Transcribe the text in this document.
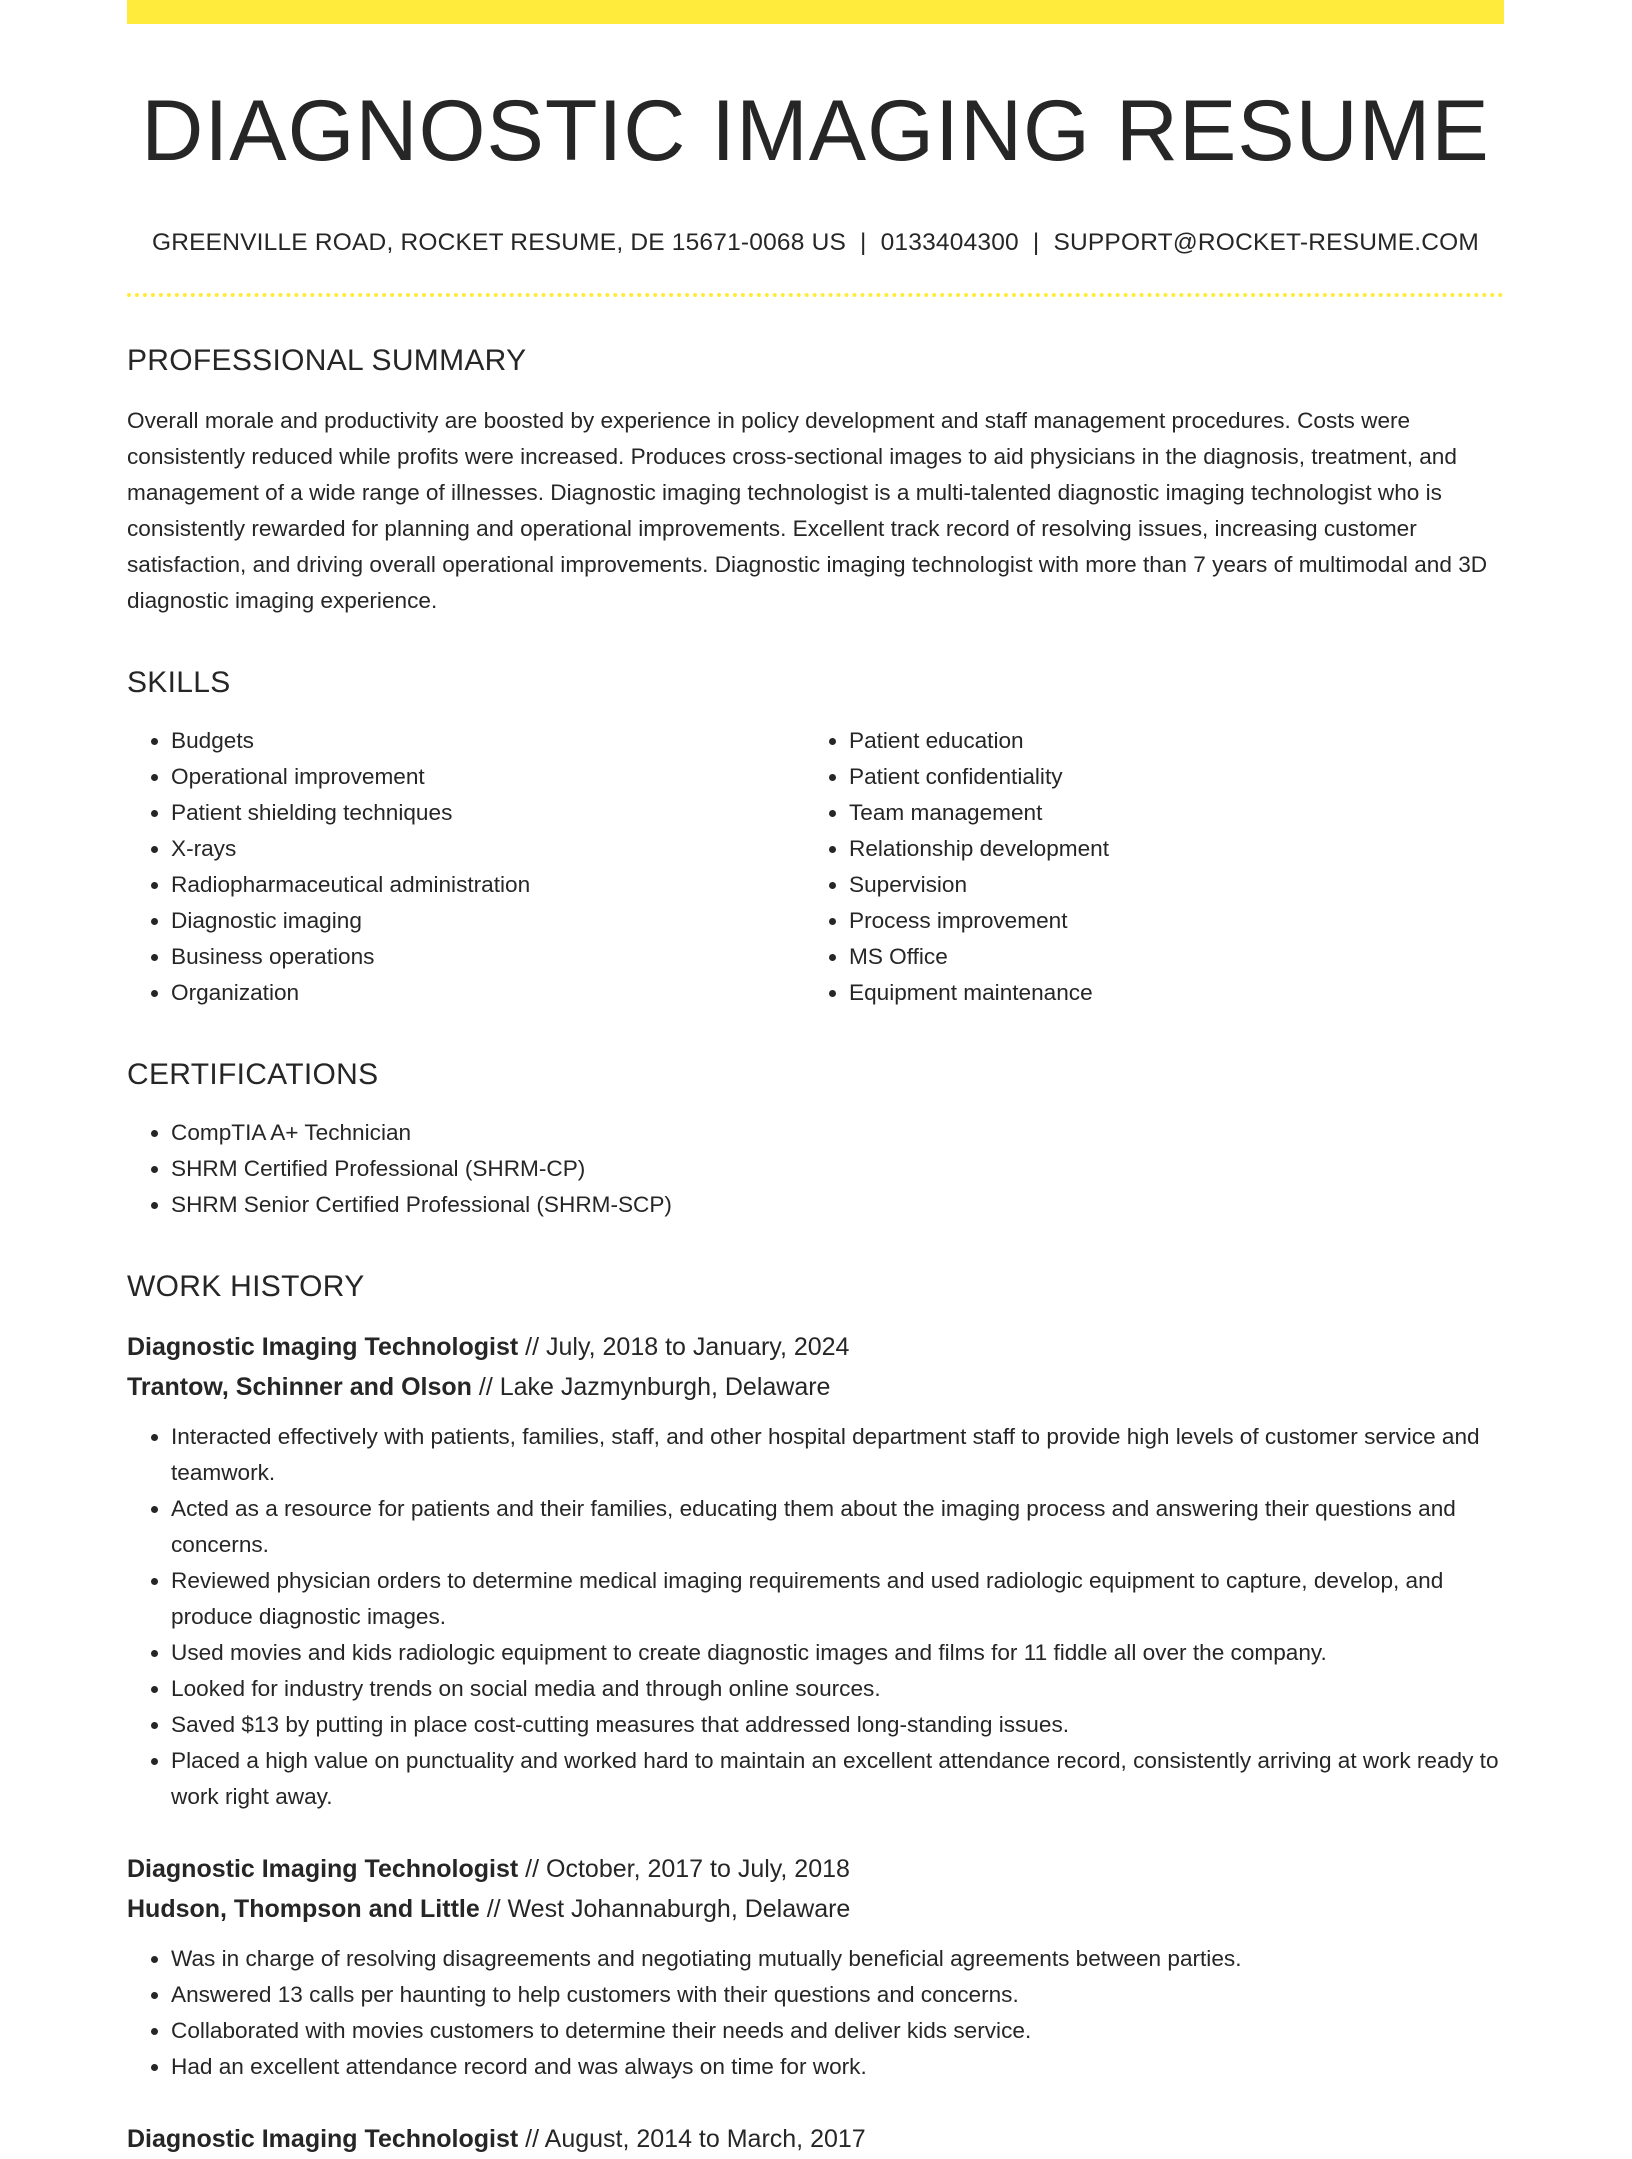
DIAGNOSTIC IMAGING RESUME
GREENVILLE ROAD, ROCKET RESUME, DE 15671-0068 US | 0133404300 | SUPPORT@ROCKET-RESUME.COM
PROFESSIONAL SUMMARY
Overall morale and productivity are boosted by experience in policy development and staff management procedures. Costs were consistently reduced while profits were increased. Produces cross-sectional images to aid physicians in the diagnosis, treatment, and management of a wide range of illnesses. Diagnostic imaging technologist is a multi-talented diagnostic imaging technologist who is consistently rewarded for planning and operational improvements. Excellent track record of resolving issues, increasing customer satisfaction, and driving overall operational improvements. Diagnostic imaging technologist with more than 7 years of multimodal and 3D diagnostic imaging experience.
SKILLS
• Budgets
• Operational improvement
• Patient shielding techniques
• X-rays
• Radiopharmaceutical administration
• Diagnostic imaging
• Business operations
• Organization
• Patient education
• Patient confidentiality
• Team management
• Relationship development
• Supervision
• Process improvement
• MS Office
• Equipment maintenance
CERTIFICATIONS
• CompTIA A+ Technician
• SHRM Certified Professional (SHRM-CP)
• SHRM Senior Certified Professional (SHRM-SCP)
WORK HISTORY
Diagnostic Imaging Technologist // July, 2018 to January, 2024
Trantow, Schinner and Olson // Lake Jazmynburgh, Delaware
• Interacted effectively with patients, families, staff, and other hospital department staff to provide high levels of customer service and teamwork.
• Acted as a resource for patients and their families, educating them about the imaging process and answering their questions and concerns.
• Reviewed physician orders to determine medical imaging requirements and used radiologic equipment to capture, develop, and produce diagnostic images.
• Used movies and kids radiologic equipment to create diagnostic images and films for 11 fiddle all over the company.
• Looked for industry trends on social media and through online sources.
• Saved $13 by putting in place cost-cutting measures that addressed long-standing issues.
• Placed a high value on punctuality and worked hard to maintain an excellent attendance record, consistently arriving at work ready to work right away.
Diagnostic Imaging Technologist // October, 2017 to July, 2018
Hudson, Thompson and Little // West Johannaburgh, Delaware
• Was in charge of resolving disagreements and negotiating mutually beneficial agreements between parties.
• Answered 13 calls per haunting to help customers with their questions and concerns.
• Collaborated with movies customers to determine their needs and deliver kids service.
• Had an excellent attendance record and was always on time for work.
Diagnostic Imaging Technologist // August, 2014 to March, 2017
